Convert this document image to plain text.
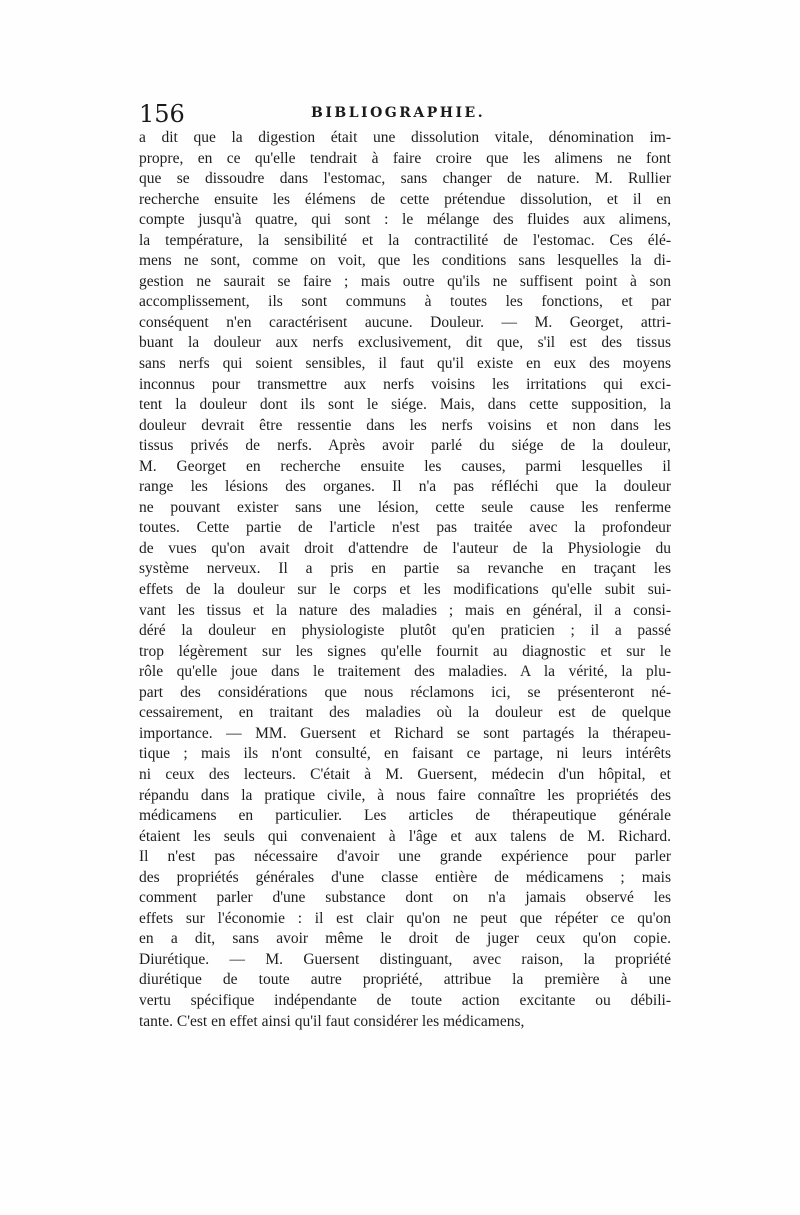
156	BIBLIOGRAPHIE.
a dit que la digestion était une dissolution vitale, dénomination im-
propre, en ce qu'elle tendrait à faire croire que les alimens ne font
que se dissoudre dans l'estomac, sans changer de nature. M. Rullier
recherche ensuite les élémens de cette prétendue dissolution, et il en
compte jusqu'à quatre, qui sont : le mélange des fluides aux alimens,
la température, la sensibilité et la contractilité de l'estomac. Ces élé-
mens ne sont, comme on voit, que les conditions sans lesquelles la di-
gestion ne saurait se faire ; mais outre qu'ils ne suffisent point à son
accomplissement, ils sont communs à toutes les fonctions, et par
conséquent n'en caractérisent aucune. Douleur. — M. Georget, attri-
buant la douleur aux nerfs exclusivement, dit que, s'il est des tissus
sans nerfs qui soient sensibles, il faut qu'il existe en eux des moyens
inconnus pour transmettre aux nerfs voisins les irritations qui exci-
tent la douleur dont ils sont le siége. Mais, dans cette supposition, la
douleur devrait être ressentie dans les nerfs voisins et non dans les
tissus privés de nerfs. Après avoir parlé du siége de la douleur,
M. Georget en recherche ensuite les causes, parmi lesquelles il
range les lésions des organes. Il n'a pas réfléchi que la douleur
ne pouvant exister sans une lésion, cette seule cause les renferme
toutes. Cette partie de l'article n'est pas traitée avec la profondeur
de vues qu'on avait droit d'attendre de l'auteur de la Physiologie du
système nerveux. Il a pris en partie sa revanche en traçant les
effets de la douleur sur le corps et les modifications qu'elle subit sui-
vant les tissus et la nature des maladies ; mais en général, il a consi-
déré la douleur en physiologiste plutôt qu'en praticien ; il a passé
trop légèrement sur les signes qu'elle fournit au diagnostic et sur le
rôle qu'elle joue dans le traitement des maladies. A la vérité, la plu-
part des considérations que nous réclamons ici, se présenteront né-
cessairement, en traitant des maladies où la douleur est de quelque
importance. — MM. Guersent et Richard se sont partagés la thérapeu-
tique ; mais ils n'ont consulté, en faisant ce partage, ni leurs intérêts
ni ceux des lecteurs. C'était à M. Guersent, médecin d'un hôpital, et
répandu dans la pratique civile, à nous faire connaître les propriétés des
médicamens en particulier. Les articles de thérapeutique générale
étaient les seuls qui convenaient à l'âge et aux talens de M. Richard.
Il n'est pas nécessaire d'avoir une grande expérience pour parler
des propriétés générales d'une classe entière de médicamens ; mais
comment parler d'une substance dont on n'a jamais observé les
effets sur l'économie : il est clair qu'on ne peut que répéter ce qu'on
en a dit, sans avoir même le droit de juger ceux qu'on copie.
Diurétique. — M. Guersent distinguant, avec raison, la propriété
diurétique de toute autre propriété, attribue la première à une
vertu spécifique indépendante de toute action excitante ou débili-
tante. C'est en effet ainsi qu'il faut considérer les médicamens,
